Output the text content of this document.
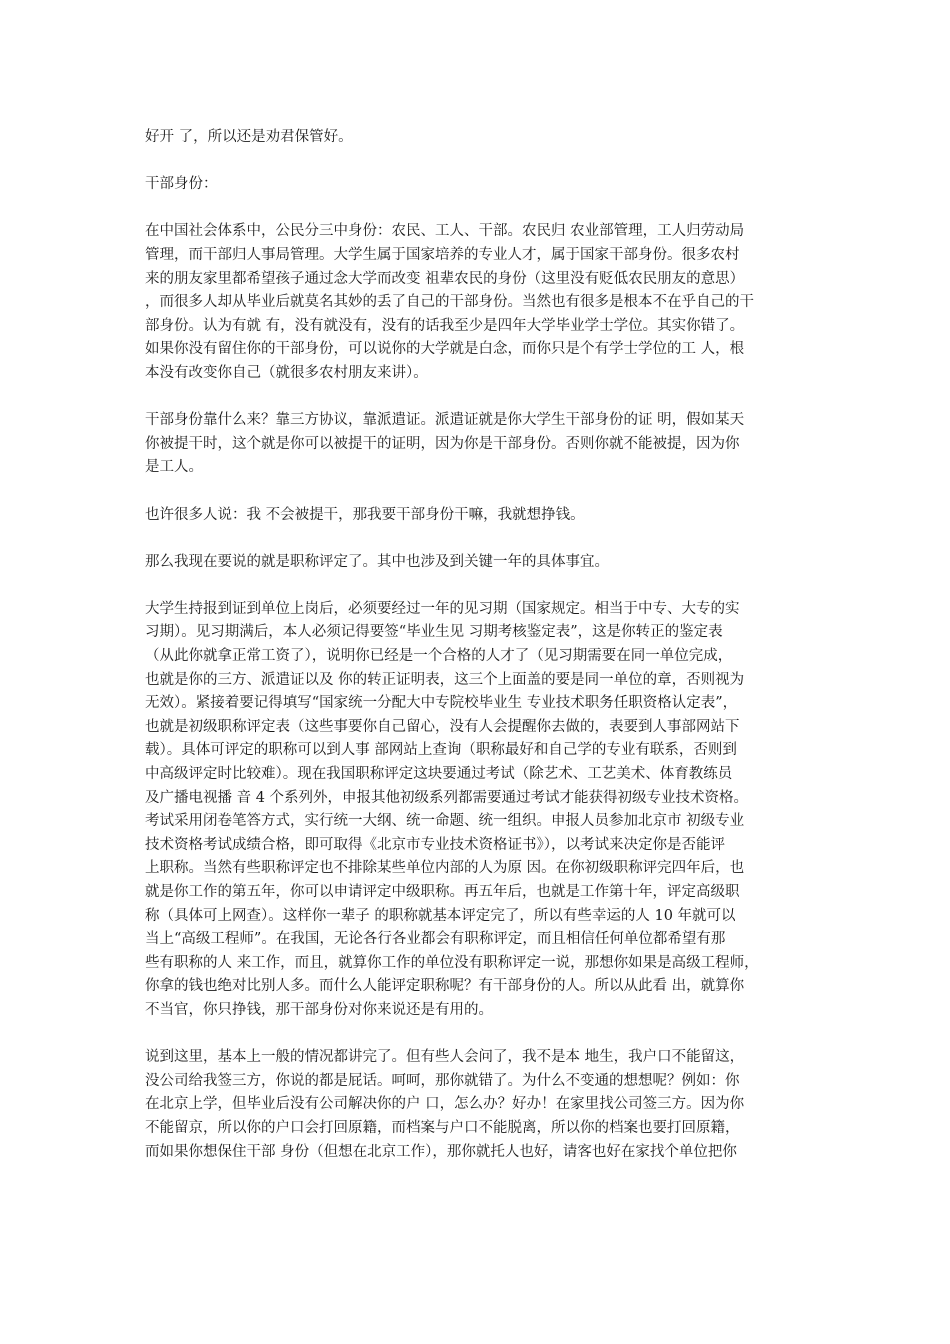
好开 了，所以还是劝君保管好。
干部身份：
在中国社会体系中，公民分三中身份：农民、工人、干部。农民归 农业部管理，工人归劳动局
管理，而干部归人事局管理。大学生属于国家培养的专业人才，属于国家干部身份。很多农村
来的朋友家里都希望孩子通过念大学而改变 祖辈农民的身份（这里没有贬低农民朋友的意思）
，而很多人却从毕业后就莫名其妙的丢了自己的干部身份。当然也有很多是根本不在乎自己的干
部身份。认为有就 有，没有就没有，没有的话我至少是四年大学毕业学士学位。其实你错了。
如果你没有留住你的干部身份，可以说你的大学就是白念，而你只是个有学士学位的工 人，根
本没有改变你自己（就很多农村朋友来讲）。
干部身份靠什么来？靠三方协议，靠派遣证。派遣证就是你大学生干部身份的证 明，假如某天
你被提干时，这个就是你可以被提干的证明，因为你是干部身份。否则你就不能被提，因为你
是工人。
也许很多人说：我 不会被提干，那我要干部身份干嘛，我就想挣钱。
那么我现在要说的就是职称评定了。其中也涉及到关键一年的具体事宜。
大学生持报到证到单位上岗后，必须要经过一年的见习期（国家规定。相当于中专、大专的实
习期）。见习期满后，本人必须记得要签“毕业生见 习期考核鉴定表”，这是你转正的鉴定表
（从此你就拿正常工资了），说明你已经是一个合格的人才了（见习期需要在同一单位完成，
也就是你的三方、派遣证以及 你的转正证明表，这三个上面盖的要是同一单位的章，否则视为
无效）。紧接着要记得填写“国家统一分配大中专院校毕业生 专业技术职务任职资格认定表”，
也就是初级职称评定表（这些事要你自己留心，没有人会提醒你去做的，表要到人事部网站下
载）。具体可评定的职称可以到人事 部网站上查询（职称最好和自己学的专业有联系，否则到
中高级评定时比较难）。现在我国职称评定这块要通过考试（除艺术、工艺美术、体育教练员
及广播电视播 音 4 个系列外，申报其他初级系列都需要通过考试才能获得初级专业技术资格。
考试采用闭卷笔答方式，实行统一大纲、统一命题、统一组织。申报人员参加北京市 初级专业
技术资格考试成绩合格，即可取得《北京市专业技术资格证书》），以考试来决定你是否能评
上职称。当然有些职称评定也不排除某些单位内部的人为原 因。在你初级职称评完四年后，也
就是你工作的第五年，你可以申请评定中级职称。再五年后，也就是工作第十年，评定高级职
称（具体可上网查）。这样你一辈子 的职称就基本评定完了，所以有些幸运的人 10 年就可以
当上“高级工程师”。在我国，无论各行各业都会有职称评定，而且相信任何单位都希望有那
些有职称的人 来工作，而且，就算你工作的单位没有职称评定一说，那想你如果是高级工程师，
你拿的钱也绝对比别人多。而什么人能评定职称呢？有干部身份的人。所以从此看 出，就算你
不当官，你只挣钱，那干部身份对你来说还是有用的。
说到这里，基本上一般的情况都讲完了。但有些人会问了，我不是本 地生，我户口不能留这，
没公司给我签三方，你说的都是屁话。呵呵，那你就错了。为什么不变通的想想呢？例如：你
在北京上学，但毕业后没有公司解决你的户 口，怎么办？好办！在家里找公司签三方。因为你
不能留京，所以你的户口会打回原籍，而档案与户口不能脱离，所以你的档案也要打回原籍，
而如果你想保住干部 身份（但想在北京工作），那你就托人也好，请客也好在家找个单位把你
